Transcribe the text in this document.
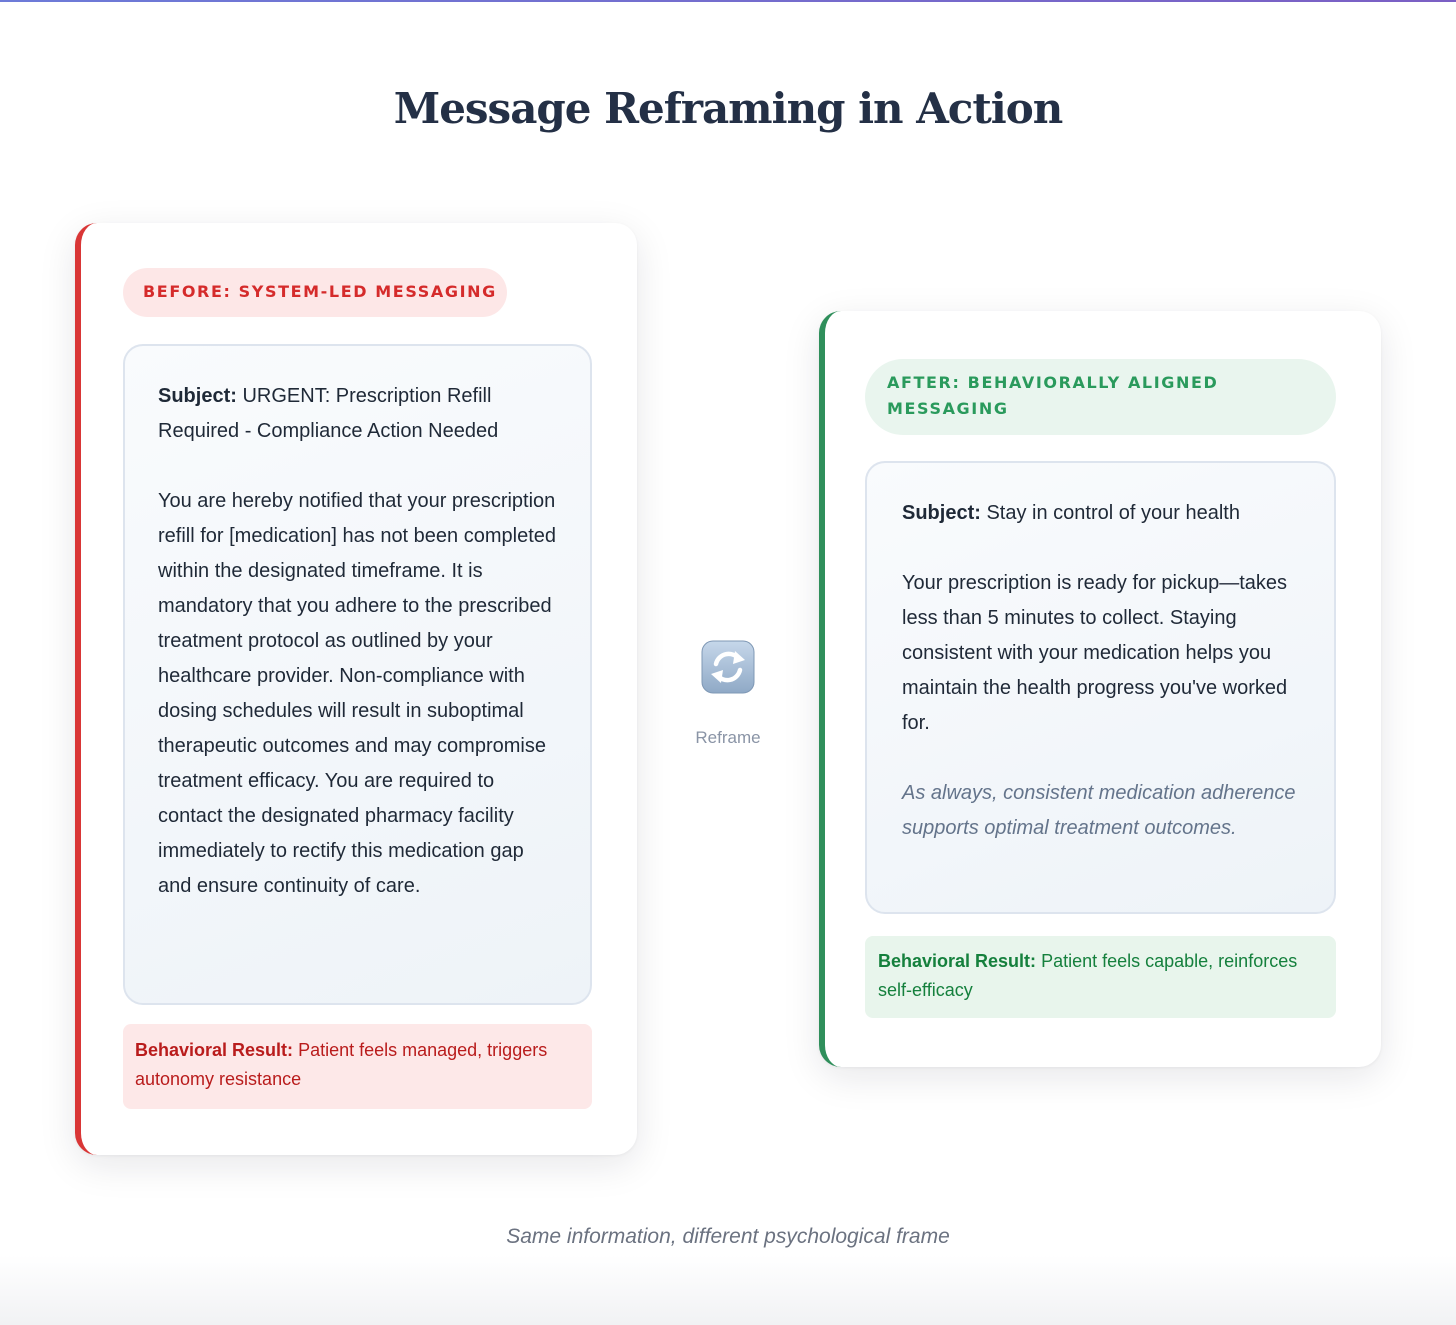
Message Reframing in Action
BEFORE: SYSTEM-LED MESSAGING

Subject: URGENT: Prescription Refill Required - Compliance Action Needed

You are hereby notified that your prescription refill for [medication] has not been completed within the designated timeframe. It is mandatory that you adhere to the prescribed treatment protocol as outlined by your healthcare provider. Non-compliance with dosing schedules will result in suboptimal therapeutic outcomes and may compromise treatment efficacy. You are required to contact the designated pharmacy facility immediately to rectify this medication gap and ensure continuity of care.

Behavioral Result: Patient feels managed, triggers autonomy resistance
Reframe
AFTER: BEHAVIORALLY ALIGNED MESSAGING

Subject: Stay in control of your health

Your prescription is ready for pickup—takes less than 5 minutes to collect. Staying consistent with your medication helps you maintain the health progress you've worked for.

As always, consistent medication adherence supports optimal treatment outcomes.

Behavioral Result: Patient feels capable, reinforces self-efficacy
Same information, different psychological frame
